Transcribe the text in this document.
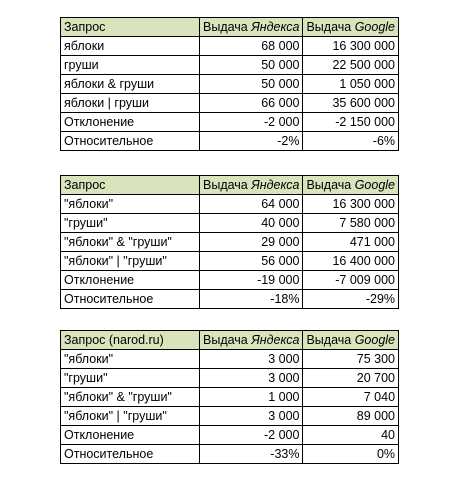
Запрос	Выдача Яндекса	Выдача Google
яблоки	68 000	16 300 000
груши	50 000	22 500 000
яблоки & груши	50 000	1 050 000
яблоки | груши	66 000	35 600 000
Отклонение	-2 000	-2 150 000
Относительное	-2%	-6%
Запрос	Выдача Яндекса	Выдача Google
"яблоки"	64 000	16 300 000
"груши"	40 000	7 580 000
"яблоки" & "груши"	29 000	471 000
"яблоки" | "груши"	56 000	16 400 000
Отклонение	-19 000	-7 009 000
Относительное	-18%	-29%
Запрос (narod.ru)	Выдача Яндекса	Выдача Google
"яблоки"	3 000	75 300
"груши"	3 000	20 700
"яблоки" & "груши"	1 000	7 040
"яблоки" | "груши"	3 000	89 000
Отклонение	-2 000	40
Относительное	-33%	0%
